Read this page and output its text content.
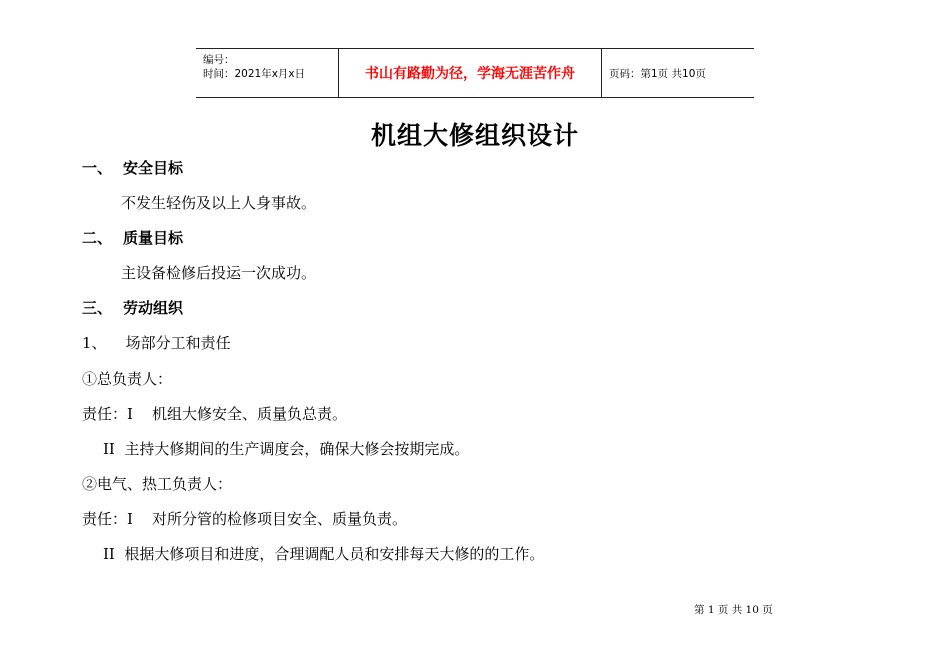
编号：
时间：2021年x月x日	书山有路勤为径，学海无涯苦作舟	页码：第1页 共10页
机组大修组织设计
一、 安全目标
不发生轻伤及以上人身事故。
二、 质量目标
主设备检修后投运一次成功。
三、 劳动组织
1、    场部分工和责任
①总负责人：
责任：I    机组大修安全、质量负总责。
II  主持大修期间的生产调度会，确保大修会按期完成。
②电气、热工负责人：
责任：I    对所分管的检修项目安全、质量负责。
II  根据大修项目和进度，合理调配人员和安排每天大修的的工作。
第 1 页 共 10 页
